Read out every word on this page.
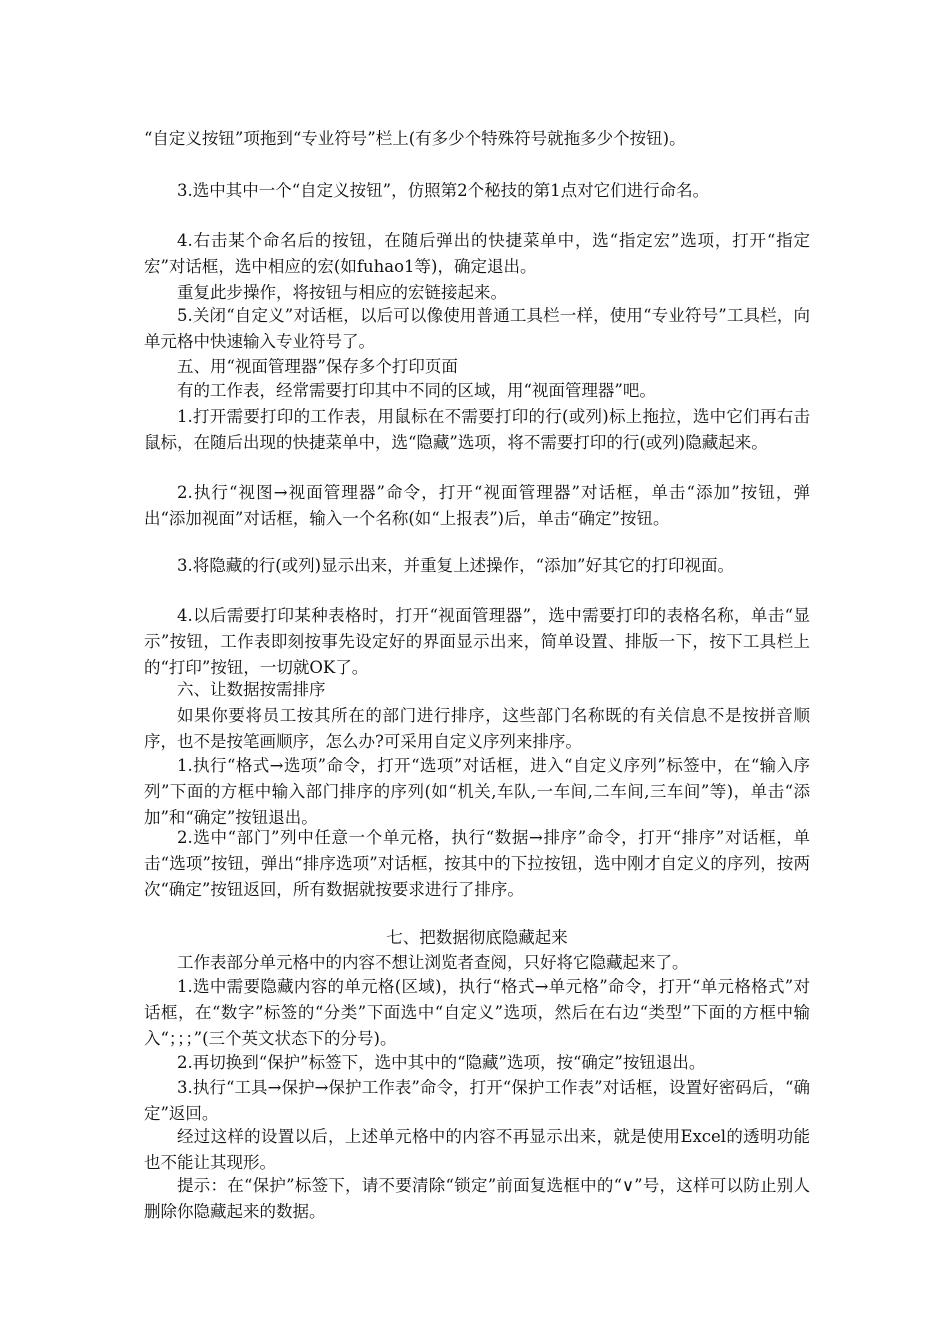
“自定义按钮”项拖到“专业符号”栏上(有多少个特殊符号就拖多少个按钮)。

3.选中其中一个“自定义按钮”，仿照第2个秘技的第1点对它们进行命名。

4.右击某个命名后的按钮，在随后弹出的快捷菜单中，选“指定宏”选项，打开“指定宏”对话框，选中相应的宏(如fuhao1等)，确定退出。

重复此步操作，将按钮与相应的宏链接起来。

5.关闭“自定义”对话框，以后可以像使用普通工具栏一样，使用“专业符号”工具栏，向单元格中快速输入专业符号了。

五、用“视面管理器”保存多个打印页面

有的工作表，经常需要打印其中不同的区域，用“视面管理器”吧。

1.打开需要打印的工作表，用鼠标在不需要打印的行(或列)标上拖拉，选中它们再右击鼠标，在随后出现的快捷菜单中，选“隐藏”选项，将不需要打印的行(或列)隐藏起来。

2.执行“视图→视面管理器”命令，打开“视面管理器”对话框，单击“添加”按钮，弹出“添加视面”对话框，输入一个名称(如“上报表”)后，单击“确定”按钮。

3.将隐藏的行(或列)显示出来，并重复上述操作，“添加”好其它的打印视面。

4.以后需要打印某种表格时，打开“视面管理器”，选中需要打印的表格名称，单击“显示”按钮，工作表即刻按事先设定好的界面显示出来，简单设置、排版一下，按下工具栏上的“打印”按钮，一切就OK了。

六、让数据按需排序

如果你要将员工按其所在的部门进行排序，这些部门名称既的有关信息不是按拼音顺序，也不是按笔画顺序，怎么办?可采用自定义序列来排序。

1.执行“格式→选项”命令，打开“选项”对话框，进入“自定义序列”标签中，在“输入序列”下面的方框中输入部门排序的序列(如“机关,车队,一车间,二车间,三车间”等)，单击“添加”和“确定”按钮退出。

2.选中“部门”列中任意一个单元格，执行“数据→排序”命令，打开“排序”对话框，单击“选项”按钮，弹出“排序选项”对话框，按其中的下拉按钮，选中刚才自定义的序列，按两次“确定”按钮返回，所有数据就按要求进行了排序。

七、把数据彻底隐藏起来

工作表部分单元格中的内容不想让浏览者查阅，只好将它隐藏起来了。

1.选中需要隐藏内容的单元格(区域)，执行“格式→单元格”命令，打开“单元格格式”对话框，在“数字”标签的“分类”下面选中“自定义”选项，然后在右边“类型”下面的方框中输入“；；；”(三个英文状态下的分号)。

2.再切换到“保护”标签下，选中其中的“隐藏”选项，按“确定”按钮退出。

3.执行“工具→保护→保护工作表”命令，打开“保护工作表”对话框，设置好密码后，“确定”返回。

经过这样的设置以后，上述单元格中的内容不再显示出来，就是使用Excel的透明功能也不能让其现形。

提示：在“保护”标签下，请不要清除“锁定”前面复选框中的“∨”号，这样可以防止别人删除你隐藏起来的数据。
